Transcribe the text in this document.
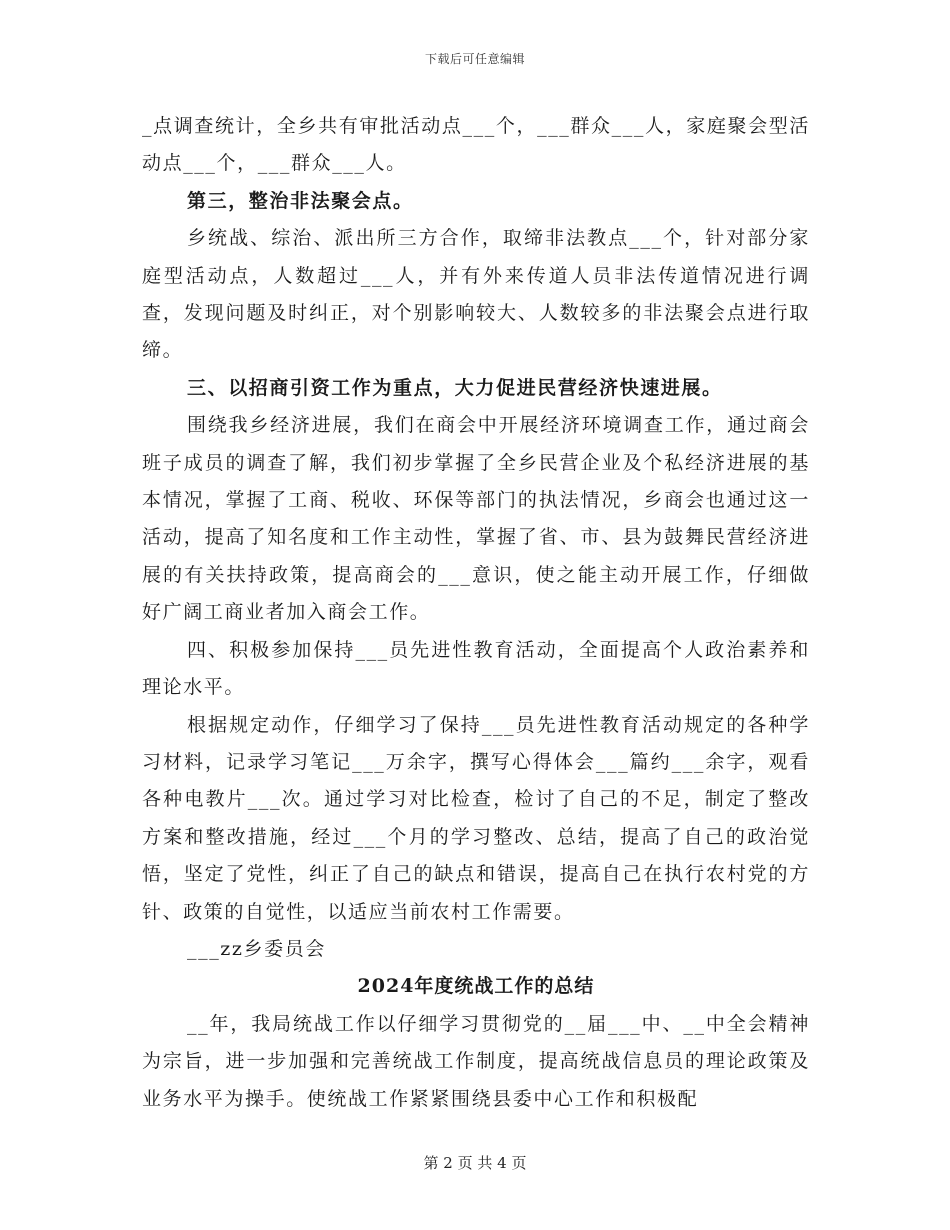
下载后可任意编辑

_点调查统计，全乡共有审批活动点___个，___群众___人，家庭聚会型活动点___个，___群众___人。

第三，整治非法聚会点。

乡统战、综治、派出所三方合作，取缔非法教点___个，针对部分家庭型活动点，人数超过___人，并有外来传道人员非法传道情况进行调查，发现问题及时纠正，对个别影响较大、人数较多的非法聚会点进行取缔。

三、以招商引资工作为重点，大力促进民营经济快速进展。

围绕我乡经济进展，我们在商会中开展经济环境调查工作，通过商会班子成员的调查了解，我们初步掌握了全乡民营企业及个私经济进展的基本情况，掌握了工商、税收、环保等部门的执法情况，乡商会也通过这一活动，提高了知名度和工作主动性，掌握了省、市、县为鼓舞民营经济进展的有关扶持政策，提高商会的___意识，使之能主动开展工作，仔细做好广阔工商业者加入商会工作。

四、积极参加保持___员先进性教育活动，全面提高个人政治素养和理论水平。

根据规定动作，仔细学习了保持___员先进性教育活动规定的各种学习材料，记录学习笔记___万余字，撰写心得体会___篇约___余字，观看各种电教片___次。通过学习对比检查，检讨了自己的不足，制定了整改方案和整改措施，经过___个月的学习整改、总结，提高了自己的政治觉悟，坚定了党性，纠正了自己的缺点和错误，提高自己在执行农村党的方针、政策的自觉性，以适应当前农村工作需要。

___zz乡委员会

2024年度统战工作的总结

__年，我局统战工作以仔细学习贯彻党的__届___中、__中全会精神为宗旨，进一步加强和完善统战工作制度，提高统战信息员的理论政策及业务水平为操手。使统战工作紧紧围绕县委中心工作和积极配

第 2 页 共 4 页
